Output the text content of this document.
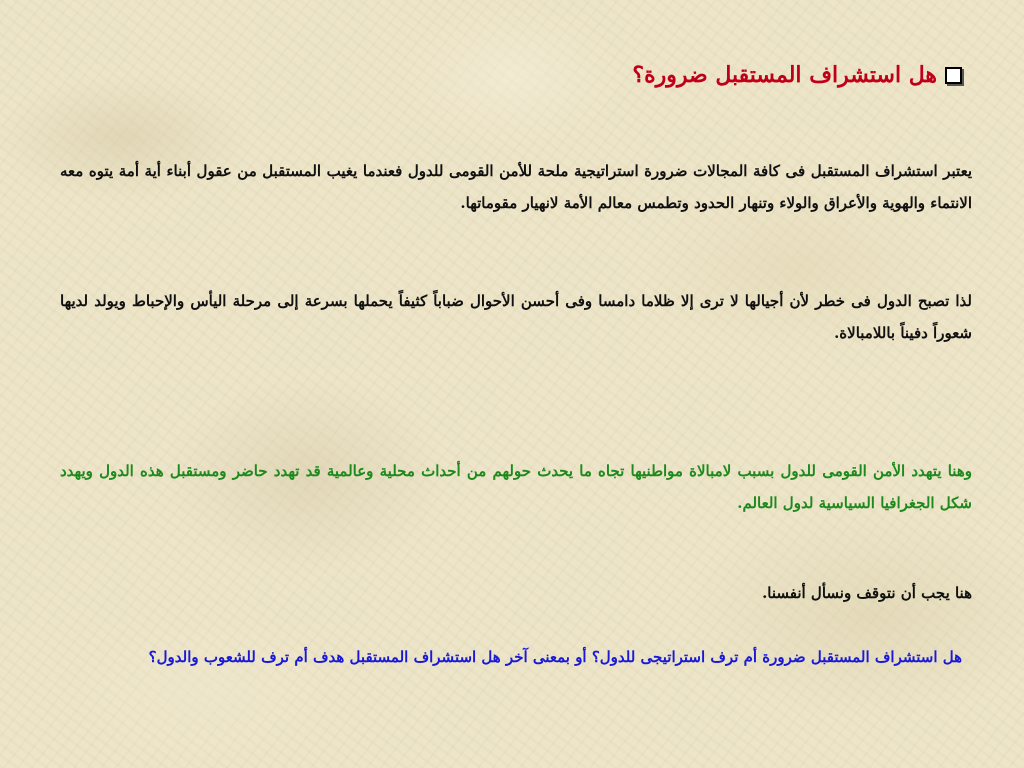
هل استشراف المستقبل ضرورة؟
يعتبر استشراف المستقبل فى كافة المجالات ضرورة استراتيجية ملحة للأمن القومى للدول فعندما يغيب المستقبل من عقول أبناء أية أمة يتوه معه الانتماء والهوية والأعراق والولاء وتنهار الحدود وتطمس معالم الأمة لانهيار مقوماتها.
لذا تصبح الدول فى خطر لأن أجيالها لا ترى إلا ظلاما دامسا وفى أحسن الأحوال ضباباً كثيفاً يحملها بسرعة إلى مرحلة اليأس والإحباط ويولد لديها شعوراً دفيناً باللامبالاة.
وهنا يتهدد الأمن القومى للدول بسبب لامبالاة مواطنيها تجاه ما يحدث حولهم من أحداث محلية وعالمية قد تهدد حاضر ومستقبل هذه الدول ويهدد شكل الجغرافيا السياسية لدول العالم.
هنا يجب أن نتوقف ونسأل أنفسنا.
هل استشراف المستقبل ضرورة أم ترف استراتيجى للدول؟ أو بمعنى آخر هل استشراف المستقبل هدف أم ترف للشعوب والدول؟
